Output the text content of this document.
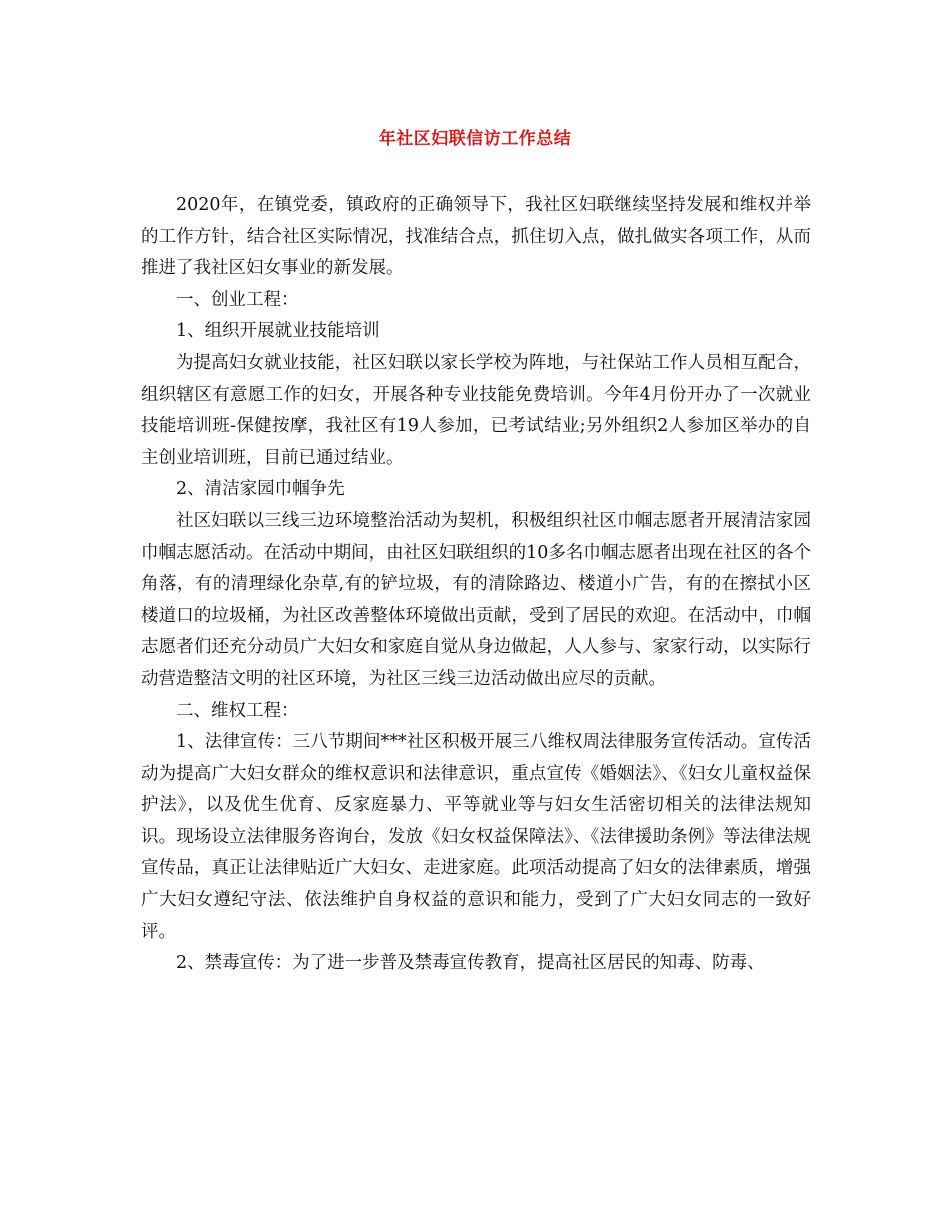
年社区妇联信访工作总结

2020年，在镇党委，镇政府的正确领导下，我社区妇联继续坚持发展和维权并举的工作方针，结合社区实际情况，找准结合点，抓住切入点，做扎做实各项工作，从而推进了我社区妇女事业的新发展。

一、创业工程：

1、组织开展就业技能培训

为提高妇女就业技能，社区妇联以家长学校为阵地，与社保站工作人员相互配合，组织辖区有意愿工作的妇女，开展各种专业技能免费培训。今年4月份开办了一次就业技能培训班-保健按摩，我社区有19人参加，已考试结业;另外组织2人参加区举办的自主创业培训班，目前已通过结业。

2、清洁家园巾帼争先

社区妇联以三线三边环境整治活动为契机，积极组织社区巾帼志愿者开展清洁家园巾帼志愿活动。在活动中期间，由社区妇联组织的10多名巾帼志愿者出现在社区的各个角落，有的清理绿化杂草,有的铲垃圾，有的清除路边、楼道小广告，有的在擦拭小区楼道口的垃圾桶，为社区改善整体环境做出贡献，受到了居民的欢迎。在活动中，巾帼志愿者们还充分动员广大妇女和家庭自觉从身边做起，人人参与、家家行动，以实际行动营造整洁文明的社区环境，为社区三线三边活动做出应尽的贡献。

二、维权工程：

1、法律宣传：三八节期间***社区积极开展三八维权周法律服务宣传活动。宣传活动为提高广大妇女群众的维权意识和法律意识，重点宣传《婚姻法》、《妇女儿童权益保护法》，以及优生优育、反家庭暴力、平等就业等与妇女生活密切相关的法律法规知识。现场设立法律服务咨询台，发放《妇女权益保障法》、《法律援助条例》等法律法规宣传品，真正让法律贴近广大妇女、走进家庭。此项活动提高了妇女的法律素质，增强广大妇女遵纪守法、依法维护自身权益的意识和能力，受到了广大妇女同志的一致好评。

2、禁毒宣传：为了进一步普及禁毒宣传教育，提高社区居民的知毒、防毒、
